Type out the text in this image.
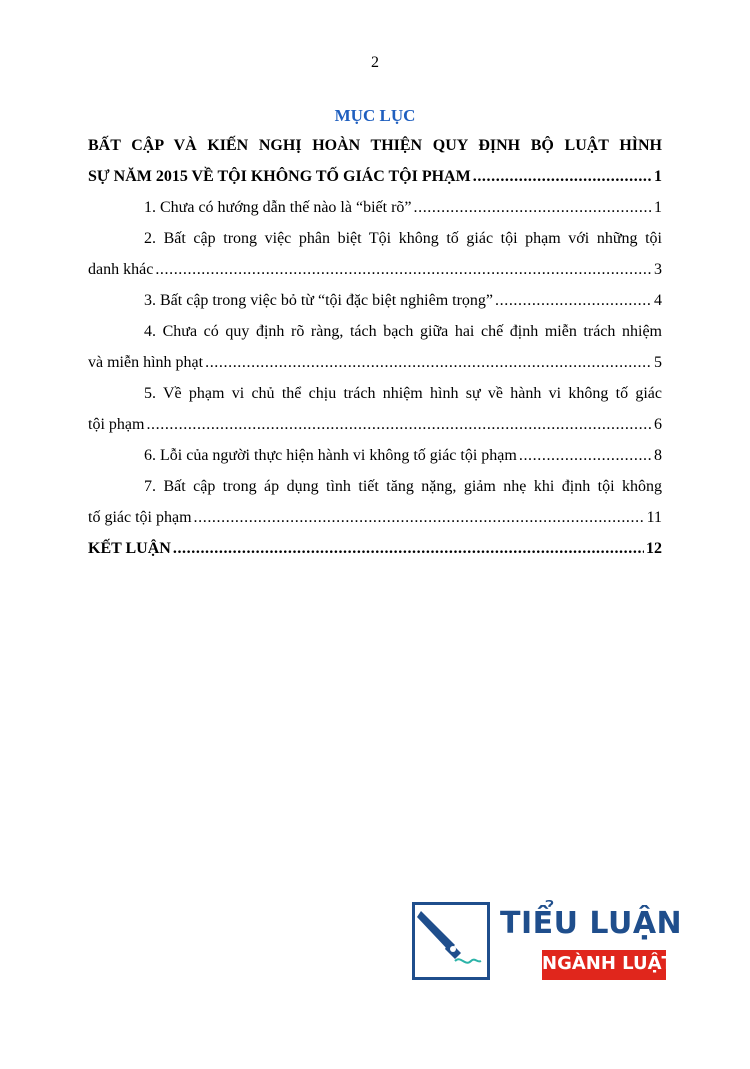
2
MỤC LỤC
BẤT CẬP VÀ KIẾN NGHỊ HOÀN THIỆN QUY ĐỊNH BỘ LUẬT HÌNH
SỰ NĂM 2015 VỀ TỘI KHÔNG TỐ GIÁC TỘI PHẠM .....	1
1. Chưa có hướng dẫn thế nào là “biết rõ” .....	1
2. Bất cập trong việc phân biệt Tội không tố giác tội phạm với những tội
danh khác .....	3
3. Bất cập trong việc bỏ từ “tội đặc biệt nghiêm trọng” .....	4
4. Chưa có quy định rõ ràng, tách bạch giữa hai chế định miễn trách nhiệm
và miễn hình phạt .....	5
5. Về phạm vi chủ thể chịu trách nhiệm hình sự về hành vi không tố giác
tội phạm .....	6
6. Lỗi của người thực hiện hành vi không tố giác tội phạm .....	8
7. Bất cập trong áp dụng tình tiết tăng nặng, giảm nhẹ khi định tội không
tố giác tội phạm .....	11
KẾT LUẬN .....	12
TIỂU LUẬN
NGÀNH LUẬT
